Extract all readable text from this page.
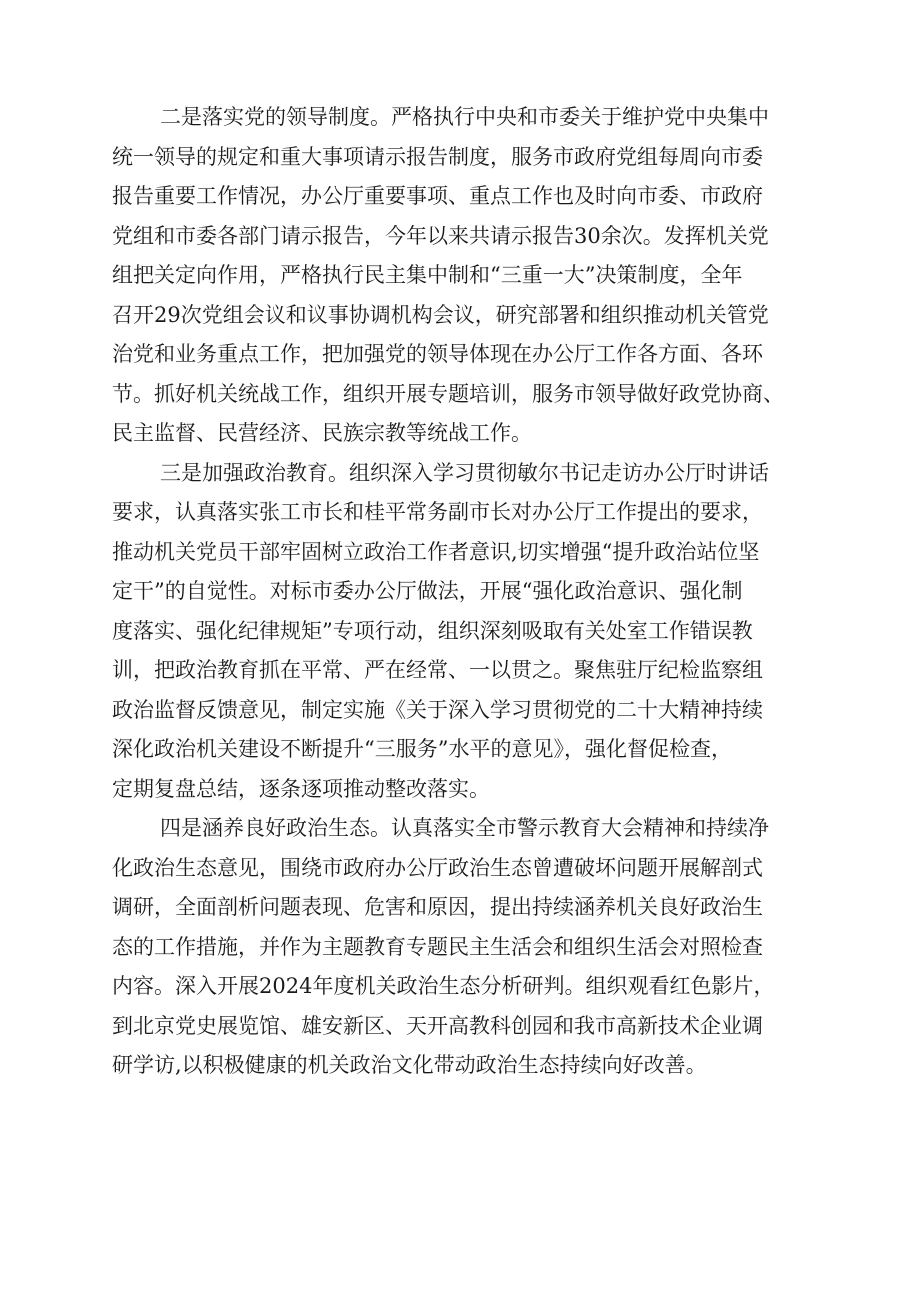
二是落实党的领导制度。严格执行中央和市委关于维护党中央集中
统一领导的规定和重大事项请示报告制度，服务市政府党组每周向市委
报告重要工作情况，办公厅重要事项、重点工作也及时向市委、市政府
党组和市委各部门请示报告，今年以来共请示报告30余次。发挥机关党
组把关定向作用，严格执行民主集中制和“三重一大”决策制度，全年
召开29次党组会议和议事协调机构会议，研究部署和组织推动机关管党
治党和业务重点工作，把加强党的领导体现在办公厅工作各方面、各环
节。抓好机关统战工作，组织开展专题培训，服务市领导做好政党协商、
民主监督、民营经济、民族宗教等统战工作。
三是加强政治教育。组织深入学习贯彻敏尔书记走访办公厅时讲话
要求，认真落实张工市长和桂平常务副市长对办公厅工作提出的要求，
推动机关党员干部牢固树立政治工作者意识,切实增强“提升政治站位坚
定干”的自觉性。对标市委办公厅做法，开展“强化政治意识、强化制
度落实、强化纪律规矩”专项行动，组织深刻吸取有关处室工作错误教
训，把政治教育抓在平常、严在经常、一以贯之。聚焦驻厅纪检监察组
政治监督反馈意见，制定实施《关于深入学习贯彻党的二十大精神持续
深化政治机关建设不断提升“三服务”水平的意见》，强化督促检查，
定期复盘总结，逐条逐项推动整改落实。
四是涵养良好政治生态。认真落实全市警示教育大会精神和持续净
化政治生态意见，围绕市政府办公厅政治生态曾遭破坏问题开展解剖式
调研，全面剖析问题表现、危害和原因，提出持续涵养机关良好政治生
态的工作措施，并作为主题教育专题民主生活会和组织生活会对照检查
内容。深入开展2024年度机关政治生态分析研判。组织观看红色影片，
到北京党史展览馆、雄安新区、天开高教科创园和我市高新技术企业调
研学访,以积极健康的机关政治文化带动政治生态持续向好改善。
